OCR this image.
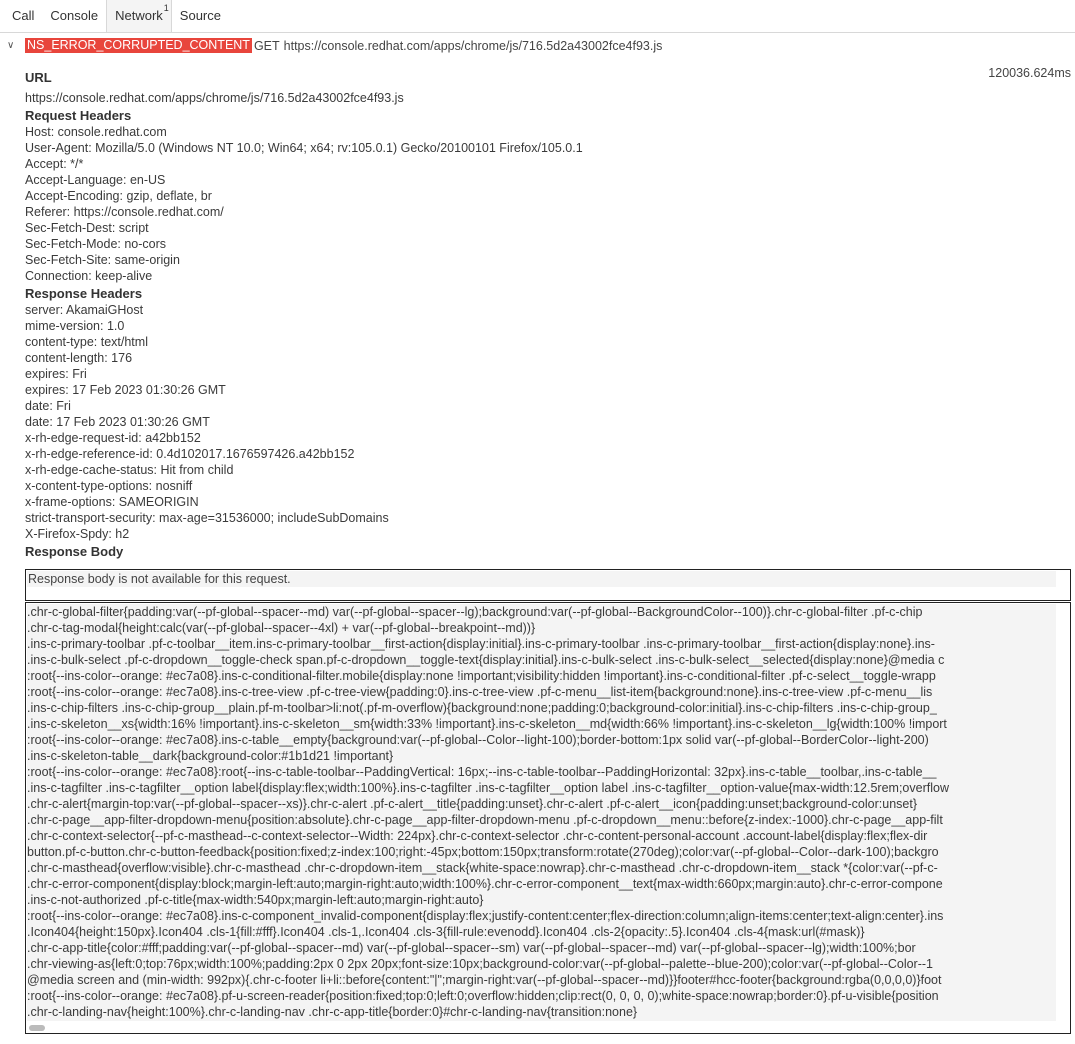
Call	Console	Network 1 Source
∨	NS_ERROR_CORRUPTED_CONTENT GET https://console.redhat.com/apps/chrome/js/716.5d2a43002fce4f93.js
120036.624ms
URL
https://console.redhat.com/apps/chrome/js/716.5d2a43002fce4f93.js
Request Headers
Host: console.redhat.com
User-Agent: Mozilla/5.0 (Windows NT 10.0; Win64; x64; rv:105.0.1) Gecko/20100101 Firefox/105.0.1
Accept: */*
Accept-Language: en-US
Accept-Encoding: gzip, deflate, br
Referer: https://console.redhat.com/
Sec-Fetch-Dest: script
Sec-Fetch-Mode: no-cors
Sec-Fetch-Site: same-origin
Connection: keep-alive
Response Headers
server: AkamaiGHost
mime-version: 1.0
content-type: text/html
content-length: 176
expires: Fri
expires: 17 Feb 2023 01:30:26 GMT
date: Fri
date: 17 Feb 2023 01:30:26 GMT
x-rh-edge-request-id: a42bb152
x-rh-edge-reference-id: 0.4d102017.1676597426.a42bb152
x-rh-edge-cache-status: Hit from child
x-content-type-options: nosniff
x-frame-options: SAMEORIGIN
strict-transport-security: max-age=31536000; includeSubDomains
X-Firefox-Spdy: h2
Response Body
Response body is not available for this request.
.chr-c-global-filter{padding:var(--pf-global--spacer--md) var(--pf-global--spacer--lg);background:var(--pf-global--BackgroundColor--100)}.chr-c-global-filter .pf-c-chip
.chr-c-tag-modal{height:calc(var(--pf-global--spacer--4xl) + var(--pf-global--breakpoint--md))}
.ins-c-primary-toolbar .pf-c-toolbar__item.ins-c-primary-toolbar__first-action{display:initial}.ins-c-primary-toolbar .ins-c-primary-toolbar__first-action{display:none}.ins-
.ins-c-bulk-select .pf-c-dropdown__toggle-check span.pf-c-dropdown__toggle-text{display:initial}.ins-c-bulk-select .ins-c-bulk-select__selected{display:none}@media c
:root{--ins-color--orange: #ec7a08}.ins-c-conditional-filter.mobile{display:none !important;visibility:hidden !important}.ins-c-conditional-filter .pf-c-select__toggle-wrapp
:root{--ins-color--orange: #ec7a08}.ins-c-tree-view .pf-c-tree-view{padding:0}.ins-c-tree-view .pf-c-menu__list-item{background:none}.ins-c-tree-view .pf-c-menu__lis
.ins-c-chip-filters .ins-c-chip-group__plain.pf-m-toolbar>li:not(.pf-m-overflow){background:none;padding:0;background-color:initial}.ins-c-chip-filters .ins-c-chip-group_
.ins-c-skeleton__xs{width:16% !important}.ins-c-skeleton__sm{width:33% !important}.ins-c-skeleton__md{width:66% !important}.ins-c-skeleton__lg{width:100% !import
:root{--ins-color--orange: #ec7a08}.ins-c-table__empty{background:var(--pf-global--Color--light-100);border-bottom:1px solid var(--pf-global--BorderColor--light-200)
.ins-c-skeleton-table__dark{background-color:#1b1d21 !important}
:root{--ins-color--orange: #ec7a08}:root{--ins-c-table-toolbar--PaddingVertical: 16px;--ins-c-table-toolbar--PaddingHorizontal: 32px}.ins-c-table__toolbar,.ins-c-table__
.ins-c-tagfilter .ins-c-tagfilter__option label{display:flex;width:100%}.ins-c-tagfilter .ins-c-tagfilter__option label .ins-c-tagfilter__option-value{max-width:12.5rem;overflow
.chr-c-alert{margin-top:var(--pf-global--spacer--xs)}.chr-c-alert .pf-c-alert__title{padding:unset}.chr-c-alert .pf-c-alert__icon{padding:unset;background-color:unset}
.chr-c-page__app-filter-dropdown-menu{position:absolute}.chr-c-page__app-filter-dropdown-menu .pf-c-dropdown__menu::before{z-index:-1000}.chr-c-page__app-filt
.chr-c-context-selector{--pf-c-masthead--c-context-selector--Width: 224px}.chr-c-context-selector .chr-c-content-personal-account .account-label{display:flex;flex-dir
button.pf-c-button.chr-c-button-feedback{position:fixed;z-index:100;right:-45px;bottom:150px;transform:rotate(270deg);color:var(--pf-global--Color--dark-100);backgro
.chr-c-masthead{overflow:visible}.chr-c-masthead .chr-c-dropdown-item__stack{white-space:nowrap}.chr-c-masthead .chr-c-dropdown-item__stack *{color:var(--pf-c-
.chr-c-error-component{display:block;margin-left:auto;margin-right:auto;width:100%}.chr-c-error-component__text{max-width:660px;margin:auto}.chr-c-error-compone
.ins-c-not-authorized .pf-c-title{max-width:540px;margin-left:auto;margin-right:auto}
:root{--ins-color--orange: #ec7a08}.ins-c-component_invalid-component{display:flex;justify-content:center;flex-direction:column;align-items:center;text-align:center}.ins
.Icon404{height:150px}.Icon404 .cls-1{fill:#fff}.Icon404 .cls-1,.Icon404 .cls-3{fill-rule:evenodd}.Icon404 .cls-2{opacity:.5}.Icon404 .cls-4{mask:url(#mask)}
.chr-c-app-title{color:#fff;padding:var(--pf-global--spacer--md) var(--pf-global--spacer--sm) var(--pf-global--spacer--md) var(--pf-global--spacer--lg);width:100%;bor
.chr-viewing-as{left:0;top:76px;width:100%;padding:2px 0 2px 20px;font-size:10px;background-color:var(--pf-global--palette--blue-200);color:var(--pf-global--Color--1
@media screen and (min-width: 992px){.chr-c-footer li+li::before{content:"|";margin-right:var(--pf-global--spacer--md)}}footer#hcc-footer{background:rgba(0,0,0,0)}foot
:root{--ins-color--orange: #ec7a08}.pf-u-screen-reader{position:fixed;top:0;left:0;overflow:hidden;clip:rect(0, 0, 0, 0);white-space:nowrap;border:0}.pf-u-visible{position
.chr-c-landing-nav{height:100%}.chr-c-landing-nav .chr-c-app-title{border:0}#chr-c-landing-nav{transition:none}
